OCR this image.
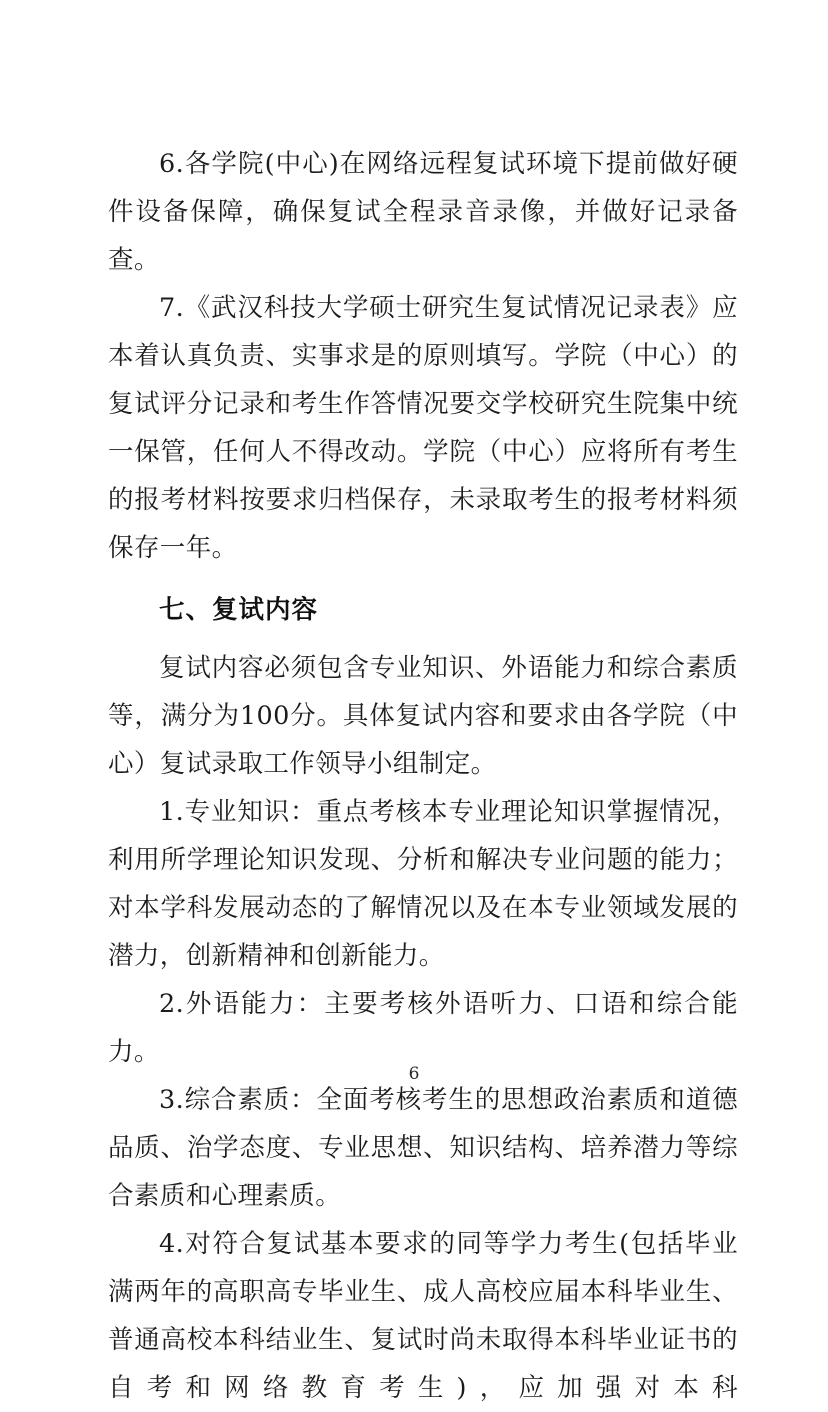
6.各学院(中心)在网络远程复试环境下提前做好硬件设备保障，确保复试全程录音录像，并做好记录备查。

7.《武汉科技大学硕士研究生复试情况记录表》应本着认真负责、实事求是的原则填写。学院（中心）的复试评分记录和考生作答情况要交学校研究生院集中统一保管，任何人不得改动。学院（中心）应将所有考生的报考材料按要求归档保存，未录取考生的报考材料须保存一年。

七、复试内容

复试内容必须包含专业知识、外语能力和综合素质等，满分为100分。具体复试内容和要求由各学院（中心）复试录取工作领导小组制定。

1.专业知识：重点考核本专业理论知识掌握情况，利用所学理论知识发现、分析和解决专业问题的能力；对本学科发展动态的了解情况以及在本专业领域发展的潜力，创新精神和创新能力。

2.外语能力：主要考核外语听力、口语和综合能力。

3.综合素质：全面考核考生的思想政治素质和道德品质、治学态度、专业思想、知识结构、培养潜力等综合素质和心理素质。

4.对符合复试基本要求的同等学力考生(包括毕业满两年的高职高专毕业生、成人高校应届本科毕业生、普通高校本科结业生、复试时尚未取得本科毕业证书的自考和网络教育考生)，应加强对本科

6
